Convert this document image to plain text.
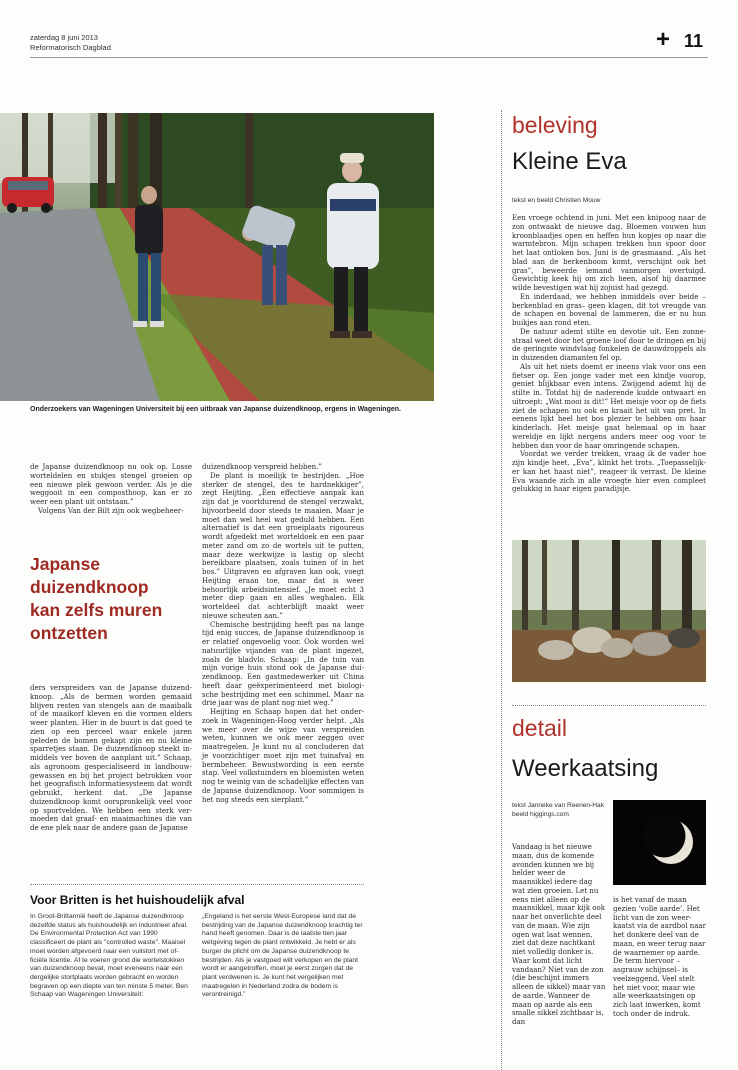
zaterdag 8 juni 2013
Reformatorisch Dagblad	+ 11
Onderzoekers van Wageningen Universiteit bij een uitbraak van Japanse duizendknoop, ergens in Wageningen.

de Japanse duizendknoop nu ook op. Losse worteldelen en stukjes stengel groeien op een nieuwe plek gewoon verder. Als je die weggooit in een composthoop, kan er zo weer een plant uit ontstaan.”

Volgens Van der Bilt zijn ook wegbeheer-

Japanse duizendknoop kan zelfs muren ontzetten

ders verspreiders van de Japanse duizendknoop. „Als de bermen worden gemaaid blijven resten van stengels aan de maaibalk of de maaikorf kleven en die vormen elders weer planten. Hier in de buurt is dat goed te zien op een perceel waar enkele jaren geleden de bomen gekapt zijn en nu kleine sparretjes staan. De duizendknoop steekt inmiddels ver boven de aanplant uit.” Schaap, als agronoom gespecialiseerd in landbouwgewassen en bij het project betrokken voor het geografisch informatiesysteem dat wordt gebruikt, herkent dat. „De Japanse duizendknoop komt oorspronkelijk veel voor op sportvelden. We hebben een sterk vermoeden dat graaf- en maaimachines die van de ene plek naar de andere gaan de Japanse

duizendknoop verspreid hebben.”

De plant is moeilijk te bestrijden. „Hoe sterker de stengel, des te hardnekkiger”, zegt Heijting. „Een effectieve aanpak kan zijn dat je voortdurend de stengel verzwakt, bijvoorbeeld door steeds te maaien. Maar je moet dan wel heel wat geduld hebben. Een alternatief is dat een groeiplaats rigoureus wordt afgedekt met worteldoek en een paar meter zand om zo de wortels uit te putten, maar deze werkwijze is lastig op slecht bereikbare plaatsen, zoals tuinen of in het bos.” Uitgraven en afgraven kan ook, voegt Heijting eraan toe, maar dat is weer behoorlijk arbeidsintensief. „Je moet echt 3 meter diep gaan en alles weghalen. Elk worteldeel dat achterblijft maakt weer nieuwe scheuten aan.”

Chemische bestrijding heeft pas na lange tijd enig succes, de Japanse duizendknoop is er relatief ongevoelig voor. Ook worden wel natuurlijke vijanden van de plant ingezet, zoals de bladvlo. Schaap: „In de tuin van mijn vorige huis stond ook de Japanse duizendknoop. Een gastmedewerker uit China heeft daar geëxperimenteerd met biologische bestrijding met een schimmel. Maar na drie jaar was de plant nog niet weg.”

Heijting en Schaap hopen dat het onderzoek in Wageningen-Hoog verder helpt. „Als we meer over de wijze van verspreiden weten, kunnen we ook meer zeggen over maatregelen. Je kunt nu al concluderen dat je voorzichtiger moet zijn met tuinafval en bermbeheer. Bewustwording is een eerste stap. Veel volkstuinders en bloemisten weten nog te weinig van de schadelijke effecten van de Japanse duizendknoop. Voor sommigen is het nog steeds een sierplant.”

Voor Britten is het huishoudelijk afval

In Groot-Brittannië heeft de Japanse duizendknoop dezelfde status als huishoudelijk en industrieel afval. De Environmental Protection Act van 1990 classificeert de plant als "controlled waste". Maaisel moet worden afgevoerd naar een vuilstort met officiële licentie. Af te voeren grond die wortelstokken van duizendknoop bevat, moet eveneens naar een dergelijke stortplaats worden gebracht en worden begraven op een diepte van ten minste 5 meter. Ben Schaap van Wageningen Universiteit:

„Engeland is het eerste West-Europese land dat de bestrijding van de Japanse duizendknoop krachtig ter hand heeft genomen. Daar is de laatste tien jaar wetgeving tegen de plant ontwikkeld. Je hebt er als burger de plicht om de Japanse duizendknoop te bestrijden. Als je vastgoed wilt verkopen en de plant wordt er aangetroffen, moet je eerst zorgen dat de plant verdwenen is. Je kunt het vergelijken met maatregelen in Nederland zodra de bodem is verontreinigd.”

beleving
Kleine Eva
tekst en beeld Christien Mouw

Een vroege ochtend in juni. Met een knipoog naar de zon ontwaakt de nieuwe dag. Bloemen vouwen hun kroonblaadjes open en heffen hun kopjes op naar die warmtebron. Mijn schapen trekken hun spoor door het laat ontloken bos. Juni is de grasmaand. „Als het blad aan de berkenboom komt, verschijnt ook het gras”, beweerde iemand vanmorgen overtuigd. Gewichtig keek hij om zich heen, alsof hij daarmee wilde bevestigen wat hij zojuist had gezegd.

En inderdaad, we hebben inmiddels over beide – berkenblad en gras– geen klagen, dit tot vreugde van de schapen en bovenal de lammeren, die er nu hun buikjes aan rond eten.

De natuur ademt stilte en devotie uit. Een zonnestraal weet door het groene loof door te dringen en bij de geringste windvlaag fonkelen de dauwdroppels als in duizenden diamanten fel op.

Als uit het niets doemt er ineens vlak voor ons een fietser op. Een jonge vader met een kindje voorop, geniet blijkbaar even intens. Zwijgend ademt hij de stilte in. Totdat hij de naderende kudde ontwaart en uitroept: „Wat mooi is dit!” Het meisje voor op de fiets ziet de schapen nu ook en kraait het uit van pret. In eenens lijkt heel het bos plezier te hebben om haar kinderlach. Het meisje gaat helemaal op in haar wereldje en lijkt nergens anders meer oog voor te hebben dan voor de haar omringende schapen.

Voordat we verder trekken, vraag ik de vader hoe zijn kindje heet. „Eva”, klinkt het trots. „Toepasselijker kan het haast niet”, reageer ik verrast. De kleine Eva waande zich in alle vroegte hier even compleet gelukkig in haar eigen paradijsje.

detail
Weerkaatsing
tekst Janneke van Reenen-Hak
beeld higgings.com

Vandaag is het nieuwe maan, dus de komende avonden kunnen we bij helder weer de maansikkel iedere dag wat zien groeien. Let nu eens niet alleen op de maansikkel, maar kijk ook naar het onverlichte deel van de maan. Wie zijn ogen wat laat wennen, ziet dat deze nachtkant niet volledig donker is. Waar komt dat licht vandaan? Niet van de zon (die beschijnt immers alleen de sikkel) maar van de aarde. Wanneer de maan op aarde als een smalle sikkel zichtbaar is, dan

is het vanaf de maan gezien ‘volle aarde’. Het licht van de zon weerkaatst via de aardbol naar het donkere deel van de maan, en weer terug naar de waarnemer op aarde. De term hiervoor –asgrauw schijnsel– is veelzeggend. Veel stelt het niet voor, maar wie alle weerkaatsingen op zich laat inwerken, komt toch onder de indruk.
